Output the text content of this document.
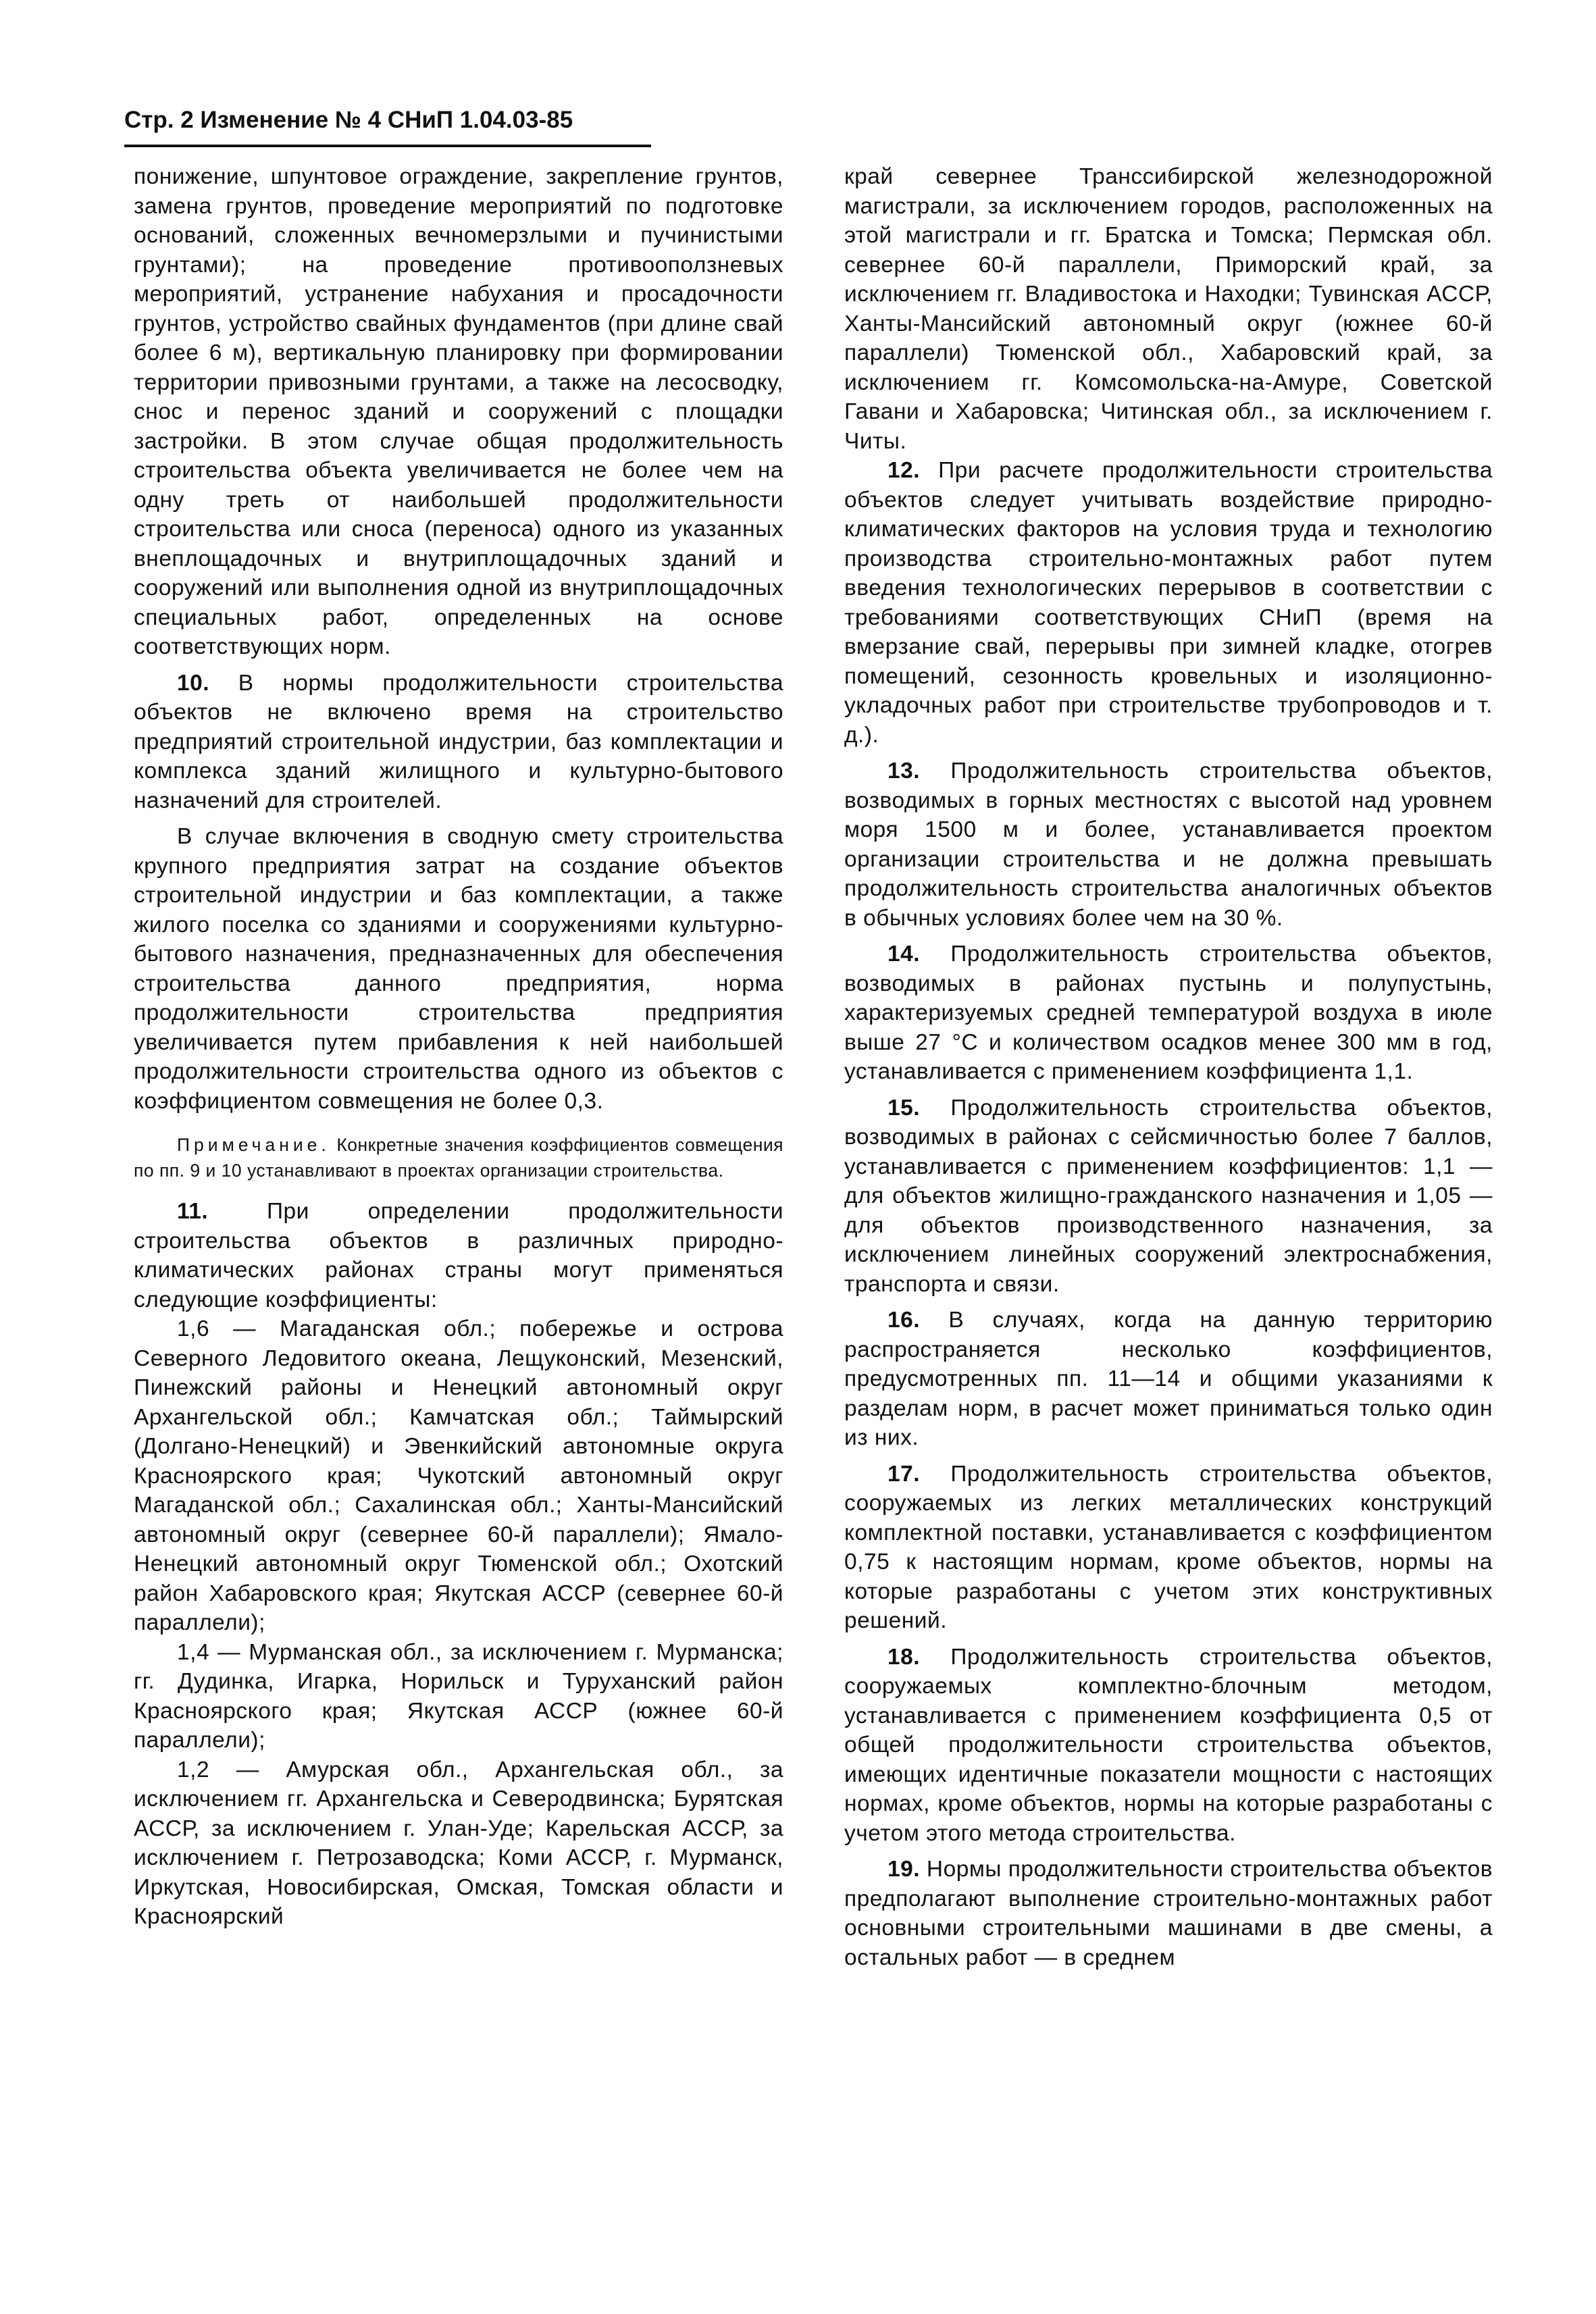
Стр. 2 Изменение № 4 СНиП 1.04.03-85

понижение, шпунтовое ограждение, закрепление грунтов, замена грунтов, проведение мероприятий по подготовке оснований, сложенных вечномерзлыми и пучинистыми грунтами); на проведение противооползневых мероприятий, устранение набухания и просадочности грунтов, устройство свайных фундаментов (при длине свай более 6 м), вертикальную планировку при формировании территории привозными грунтами, а также на лесосводку, снос и перенос зданий и сооружений с площадки застройки. В этом случае общая продолжительность строительства объекта увеличивается не более чем на одну треть от наибольшей продолжительности строительства или сноса (переноса) одного из указанных внеплощадочных и внутриплощадочных зданий и сооружений или выполнения одной из внутриплощадочных специальных работ, определенных на основе соответствующих норм.

10. В нормы продолжительности строительства объектов не включено время на строительство предприятий строительной индустрии, баз комплектации и комплекса зданий жилищного и культурно-бытового назначений для строителей.

В случае включения в сводную смету строительства крупного предприятия затрат на создание объектов строительной индустрии и баз комплектации, а также жилого поселка со зданиями и сооружениями культурно-бытового назначения, предназначенных для обеспечения строительства данного предприятия, норма продолжительности строительства предприятия увеличивается путем прибавления к ней наибольшей продолжительности строительства одного из объектов с коэффициентом совмещения не более 0,3.

Примечание. Конкретные значения коэффициентов совмещения по пп. 9 и 10 устанавливают в проектах организации строительства.

11. При определении продолжительности строительства объектов в различных природно-климатических районах страны могут применяться следующие коэффициенты:

1,6 — Магаданская обл.; побережье и острова Северного Ледовитого океана, Лещуконский, Мезенский, Пинежский районы и Ненецкий автономный округ Архангельской обл.; Камчатская обл.; Таймырский (Долгано-Ненецкий) и Эвенкийский автономные округа Красноярского края; Чукотский автономный округ Магаданской обл.; Сахалинская обл.; Ханты-Мансийский автономный округ (севернее 60-й параллели); Ямало-Ненецкий автономный округ Тюменской обл.; Охотский район Хабаровского края; Якутская АССР (севернее 60-й параллели);

1,4 — Мурманская обл., за исключением г. Мурманска; гг. Дудинка, Игарка, Норильск и Туруханский район Красноярского края; Якутская АССР (южнее 60-й параллели);

1,2 — Амурская обл., Архангельская обл., за исключением гг. Архангельска и Северодвинска; Бурятская АССР, за исключением г. Улан-Уде; Карельская АССР, за исключением г. Петрозаводска; Коми АССР, г. Мурманск, Иркутская, Новосибирская, Омская, Томская области и Красноярский

край севернее Транссибирской железнодорожной магистрали, за исключением городов, расположенных на этой магистрали и гг. Братска и Томска; Пермская обл. севернее 60-й параллели, Приморский край, за исключением гг. Владивостока и Находки; Тувинская АССР, Ханты-Мансийский автономный округ (южнее 60-й параллели) Тюменской обл., Хабаровский край, за исключением гг. Комсомольска-на-Амуре, Советской Гавани и Хабаровска; Читинская обл., за исключением г. Читы.

12. При расчете продолжительности строительства объектов следует учитывать воздействие природно-климатических факторов на условия труда и технологию производства строительно-монтажных работ путем введения технологических перерывов в соответствии с требованиями соответствующих СНиП (время на вмерзание свай, перерывы при зимней кладке, отогрев помещений, сезонность кровельных и изоляционно-укладочных работ при строительстве трубопроводов и т. д.).

13. Продолжительность строительства объектов, возводимых в горных местностях с высотой над уровнем моря 1500 м и более, устанавливается проектом организации строительства и не должна превышать продолжительность строительства аналогичных объектов в обычных условиях более чем на 30 %.

14. Продолжительность строительства объектов, возводимых в районах пустынь и полупустынь, характеризуемых средней температурой воздуха в июле выше 27 °С и количеством осадков менее 300 мм в год, устанавливается с применением коэффициента 1,1.

15. Продолжительность строительства объектов, возводимых в районах с сейсмичностью более 7 баллов, устанавливается с применением коэффициентов: 1,1 — для объектов жилищно-гражданского назначения и 1,05 — для объектов производственного назначения, за исключением линейных сооружений электроснабжения, транспорта и связи.

16. В случаях, когда на данную территорию распространяется несколько коэффициентов, предусмотренных пп. 11—14 и общими указаниями к разделам норм, в расчет может приниматься только один из них.

17. Продолжительность строительства объектов, сооружаемых из легких металлических конструкций комплектной поставки, устанавливается с коэффициентом 0,75 к настоящим нормам, кроме объектов, нормы на которые разработаны с учетом этих конструктивных решений.

18. Продолжительность строительства объектов, сооружаемых комплектно-блочным методом, устанавливается с применением коэффициента 0,5 от общей продолжительности строительства объектов, имеющих идентичные показатели мощности с настоящих нормах, кроме объектов, нормы на которые разработаны с учетом этого метода строительства.

19. Нормы продолжительности строительства объектов предполагают выполнение строительно-монтажных работ основными строительными машинами в две смены, а остальных работ — в среднем
